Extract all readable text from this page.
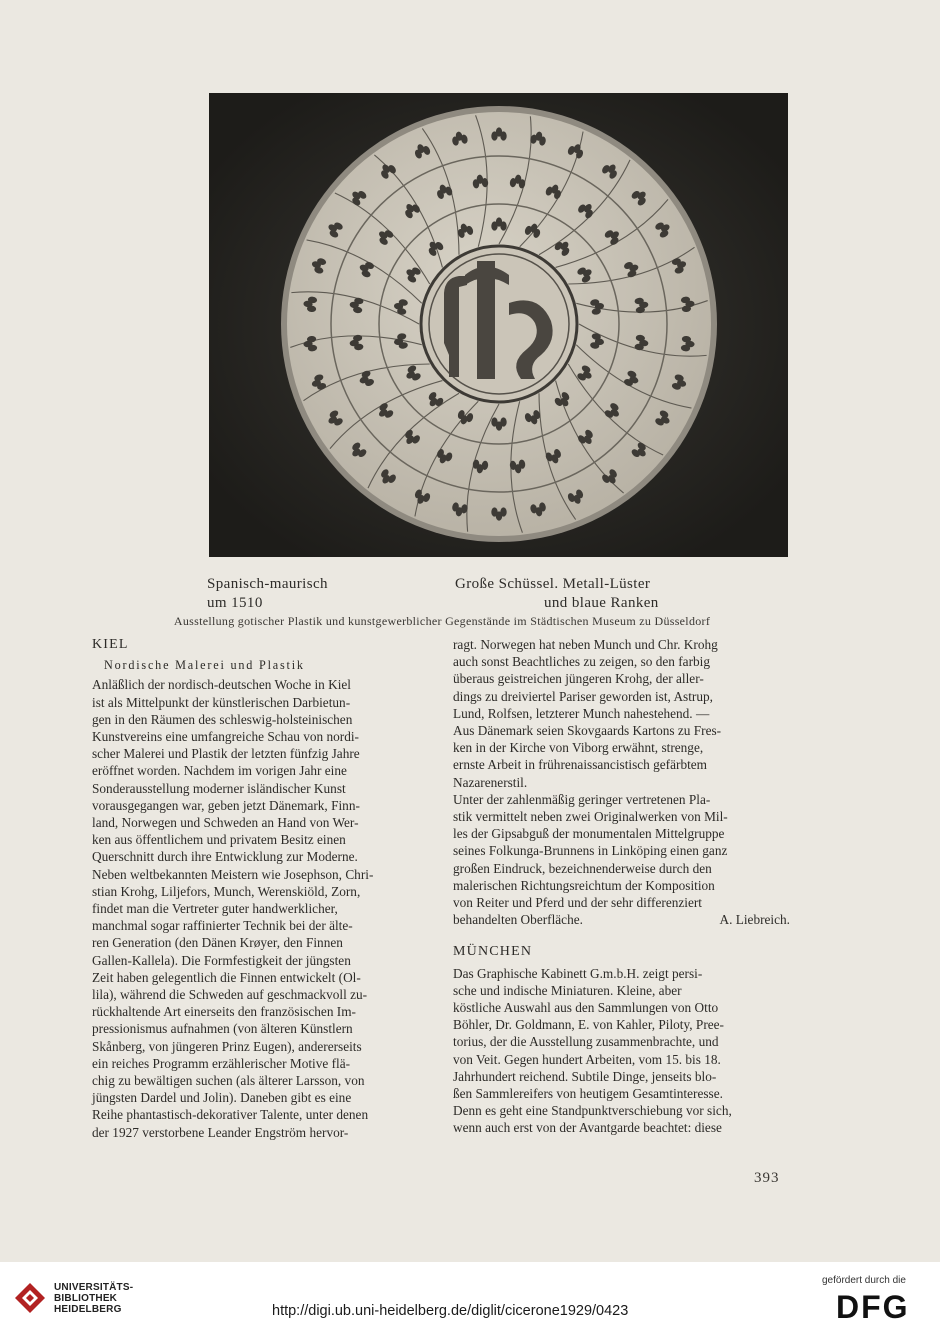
Spanisch-maurisch
um 1510
Große Schüssel. Metall-Lüster
und blaue Ranken
Ausstellung gotischer Plastik und kunstgewerblicher Gegenstände im Städtischen Museum zu Düsseldorf

KIEL

Nordische Malerei und Plastik

Anläßlich der nordisch-deutschen Woche in Kiel

ist als Mittelpunkt der künstlerischen Darbietun-

gen in den Räumen des schleswig-holsteinischen

Kunstvereins eine umfangreiche Schau von nordi-

scher Malerei und Plastik der letzten fünfzig Jahre

eröffnet worden. Nachdem im vorigen Jahr eine

Sonderausstellung moderner isländischer Kunst

vorausgegangen war, geben jetzt Dänemark, Finn-

land, Norwegen und Schweden an Hand von Wer-

ken aus öffentlichem und privatem Besitz einen

Querschnitt durch ihre Entwicklung zur Moderne.

Neben weltbekannten Meistern wie Josephson, Chri-

stian Krohg, Liljefors, Munch, Werenskiöld, Zorn,

findet man die Vertreter guter handwerklicher,

manchmal sogar raffinierter Technik bei der älte-

ren Generation (den Dänen Krøyer, den Finnen

Gallen-Kallela). Die Formfestigkeit der jüngsten

Zeit haben gelegentlich die Finnen entwickelt (Ol-

lila), während die Schweden auf geschmackvoll zu-

rückhaltende Art einerseits den französischen Im-

pressionismus aufnahmen (von älteren Künstlern

Skånberg, von jüngeren Prinz Eugen), andererseits

ein reiches Programm erzählerischer Motive flä-

chig zu bewältigen suchen (als älterer Larsson, von

jüngsten Dardel und Jolin). Daneben gibt es eine

Reihe phantastisch-dekorativer Talente, unter denen

der 1927 verstorbene Leander Engström hervor-

ragt. Norwegen hat neben Munch und Chr. Krohg

auch sonst Beachtliches zu zeigen, so den farbig

überaus geistreichen jüngeren Krohg, der aller-

dings zu dreiviertel Pariser geworden ist, Astrup,

Lund, Rolfsen, letzterer Munch nahestehend. —

Aus Dänemark seien Skovgaards Kartons zu Fres-

ken in der Kirche von Viborg erwähnt, strenge,

ernste Arbeit in frührenaissancistisch gefärbtem

Nazarenerstil.

Unter der zahlenmäßig geringer vertretenen Pla-

stik vermittelt neben zwei Originalwerken von Mil-

les der Gipsabguß der monumentalen Mittelgruppe

seines Folkunga-Brunnens in Linköping einen ganz

großen Eindruck, bezeichnenderweise durch den

malerischen Richtungsreichtum der Komposition

von Reiter und Pferd und der sehr differenziert

behandelten Oberfläche.	A. Liebreich.

MÜNCHEN

Das Graphische Kabinett G.m.b.H. zeigt persi-

sche und indische Miniaturen. Kleine, aber

köstliche Auswahl aus den Sammlungen von Otto

Böhler, Dr. Goldmann, E. von Kahler, Piloty, Pree-

torius, der die Ausstellung zusammenbrachte, und

von Veit. Gegen hundert Arbeiten, vom 15. bis 18.

Jahrhundert reichend. Subtile Dinge, jenseits blo-

ßen Sammlereifers von heutigem Gesamtinteresse.

Denn es geht eine Standpunktverschiebung vor sich,

wenn auch erst von der Avantgarde beachtet: diese

393
UNIVERSITÄTS-
BIBLIOTHEK
HEIDELBERG	http://digi.ub.uni-heidelberg.de/diglit/cicerone1929/0423
gefördert durch die
DFG
